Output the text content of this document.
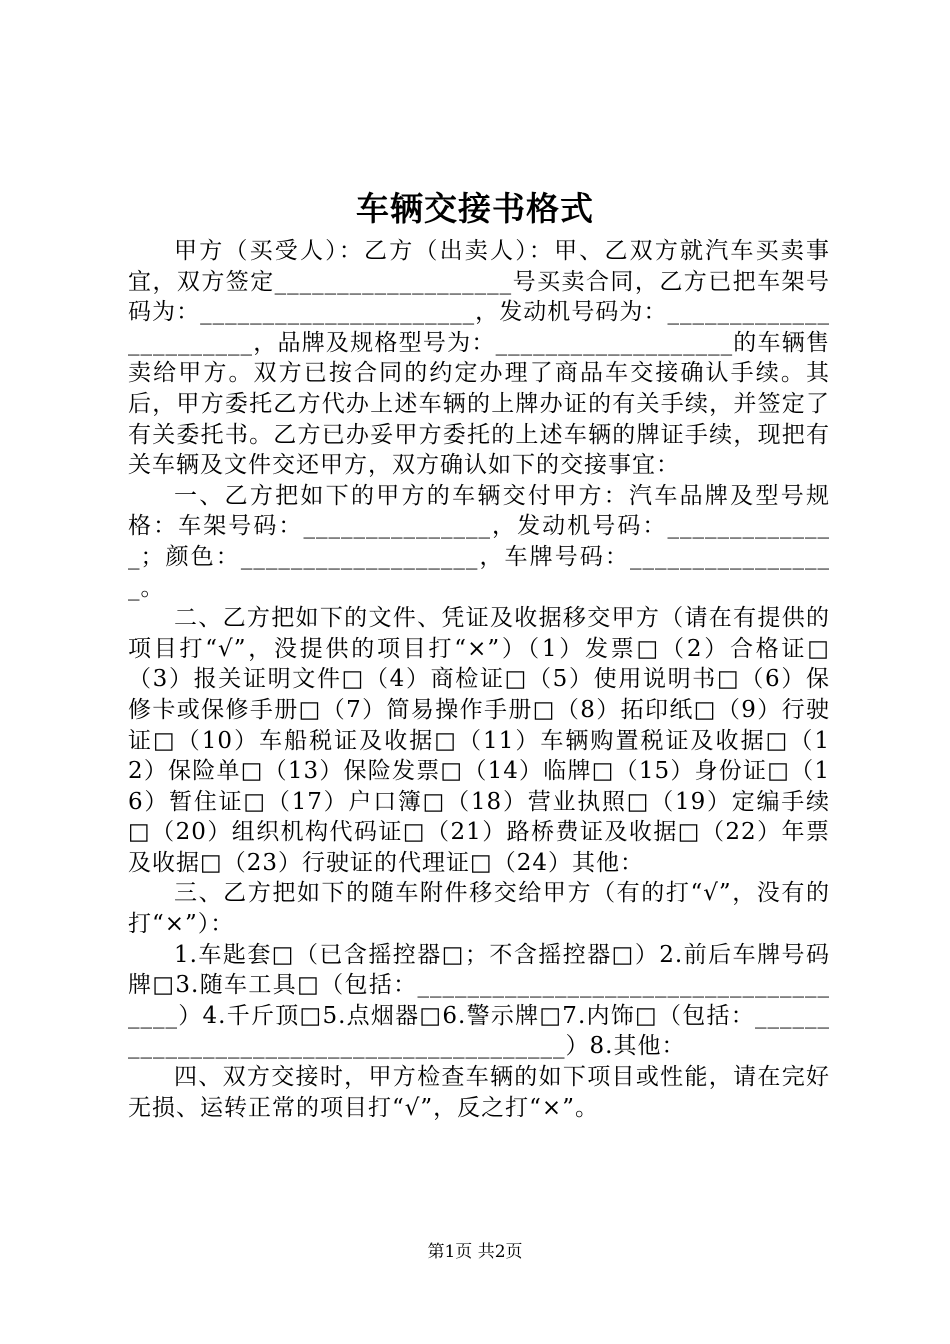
车辆交接书格式

甲方（买受人）：乙方（出卖人）：甲、乙双方就汽车买卖事宜，双方签定___________________号买卖合同，乙方已把车架号码为：______________________，发动机号码为：_______________________，品牌及规格型号为：___________________的车辆售卖给甲方。双方已按合同的约定办理了商品车交接确认手续。其后，甲方委托乙方代办上述车辆的上牌办证的有关手续，并签定了有关委托书。乙方已办妥甲方委托的上述车辆的牌证手续，现把有关车辆及文件交还甲方，双方确认如下的交接事宜：

一、乙方把如下的甲方的车辆交付甲方：汽车品牌及型号规格：车架号码：_______________，发动机号码：______________；颜色：___________________，车牌号码：_________________。

二、乙方把如下的文件、凭证及收据移交甲方（请在有提供的项目打“√”，没提供的项目打“×”）（1）发票□（2）合格证□（3）报关证明文件□（4）商检证□（5）使用说明书□（6）保修卡或保修手册□（7）简易操作手册□（8）拓印纸□（9）行驶证□（10）车船税证及收据□（11）车辆购置税证及收据□（12）保险单□（13）保险发票□（14）临牌□（15）身份证□（16）暂住证□（17）户口簿□（18）营业执照□（19）定编手续□（20）组织机构代码证□（21）路桥费证及收据□（22）年票及收据□（23）行驶证的代理证□（24）其他：

三、乙方把如下的随车附件移交给甲方（有的打“√”，没有的打“×”）：

1.车匙套□（已含摇控器□；不含摇控器□）2.前后车牌号码牌□3.随车工具□（包括：_____________________________________）4.千斤顶□5.点烟器□6.警示牌□7.内饰□（包括：_________________________________________）8.其他：

四、双方交接时，甲方检查车辆的如下项目或性能，请在完好无损、运转正常的项目打“√”，反之打“×”。

第1页 共2页
